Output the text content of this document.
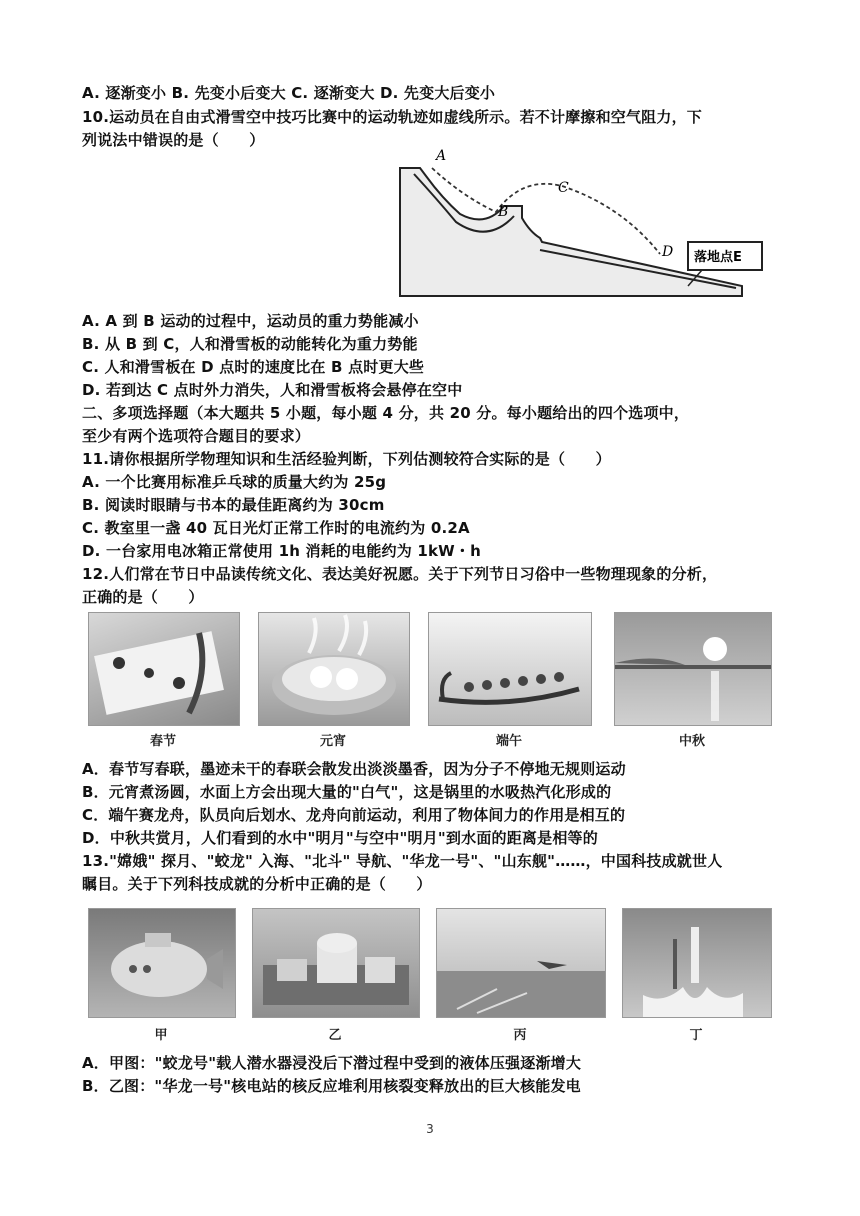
A. 逐渐变小 B. 先变小后变大 C. 逐渐变大 D. 先变大后变小
10.运动员在自由式滑雪空中技巧比赛中的运动轨迹如虚线所示。若不计摩擦和空气阻力，下
列说法中错误的是（　　）
A
B
C
D 落地点E
A. A 到 B 运动的过程中，运动员的重力势能减小
B. 从 B 到 C，人和滑雪板的动能转化为重力势能
C. 人和滑雪板在 D 点时的速度比在 B 点时更大些
D. 若到达 C 点时外力消失，人和滑雪板将会悬停在空中
二、多项选择题（本大题共 5 小题，每小题 4 分，共 20 分。每小题给出的四个选项中，
至少有两个选项符合题目的要求）
11.请你根据所学物理知识和生活经验判断，下列估测较符合实际的是（　　）
A. 一个比赛用标准乒乓球的质量大约为 25g
B. 阅读时眼睛与书本的最佳距离约为 30cm
C. 教室里一盏 40 瓦日光灯正常工作时的电流约为 0.2A
D. 一台家用电冰箱正常使用 1h 消耗的电能约为 1kW・h
12.人们常在节日中品读传统文化、表达美好祝愿。关于下列节日习俗中一些物理现象的分析，
正确的是（　　）
春节	元宵	端午	中秋
A．春节写春联，墨迹未干的春联会散发出淡淡墨香，因为分子不停地无规则运动
B．元宵煮汤圆，水面上方会出现大量的"白气"，这是锅里的水吸热汽化形成的
C．端午赛龙舟，队员向后划水、龙舟向前运动，利用了物体间力的作用是相互的
D．中秋共赏月，人们看到的水中"明月"与空中"明月"到水面的距离是相等的
13."嫦娥" 探月、"蛟龙" 入海、"北斗" 导航、"华龙一号"、"山东舰"……，中国科技成就世人
瞩目。关于下列科技成就的分析中正确的是（　　）
甲	乙	丙	丁
A．甲图："蛟龙号"载人潜水器浸没后下潜过程中受到的液体压强逐渐增大
B．乙图："华龙一号"核电站的核反应堆利用核裂变释放出的巨大核能发电
3
